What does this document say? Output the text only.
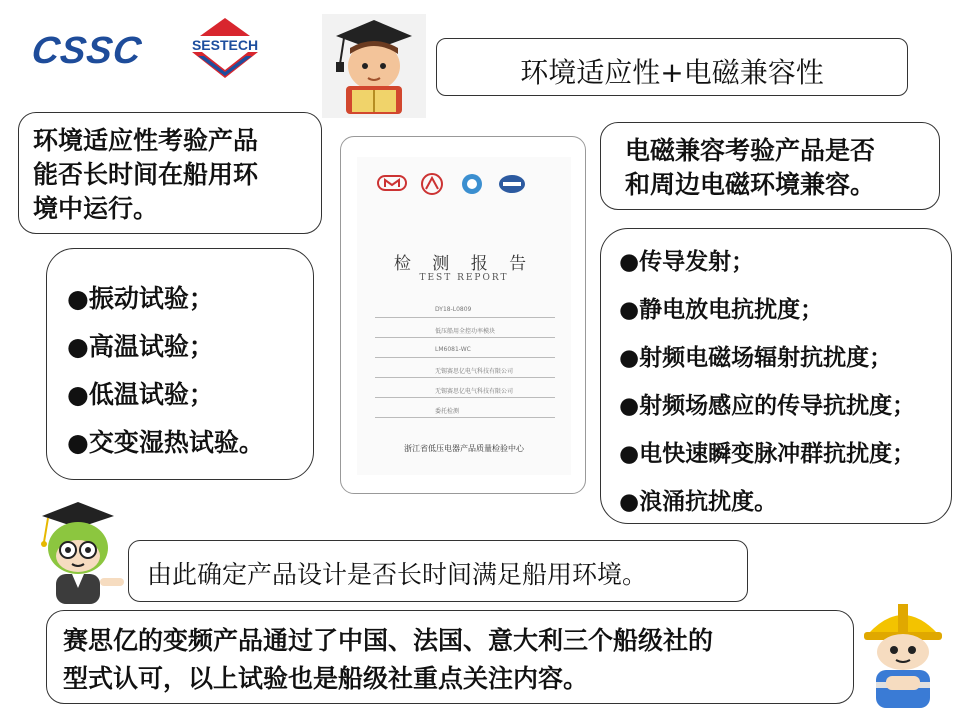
CSSC	SESTECH
环境适应性+电磁兼容性
环境适应性考验产品
能否长时间在船用环
境中运行。
电磁兼容考验产品是否
和周边电磁环境兼容。
●振动试验；
●高温试验；
●低温试验；
●交变湿热试验。
检 测 报 告
TEST REPORT
DY18-L0809
低压船用全控功率模块
LM6081-WC
无锡赛思亿电气科技有限公司
无锡赛思亿电气科技有限公司
委托检测
浙江省低压电器产品质量检验中心
●传导发射；
●静电放电抗扰度；
●射频电磁场辐射抗扰度；
●射频场感应的传导抗扰度；
●电快速瞬变脉冲群抗扰度；
●浪涌抗扰度。
由此确定产品设计是否长时间满足船用环境。
赛思亿的变频产品通过了中国、法国、意大利三个船级社的
型式认可，以上试验也是船级社重点关注内容。
